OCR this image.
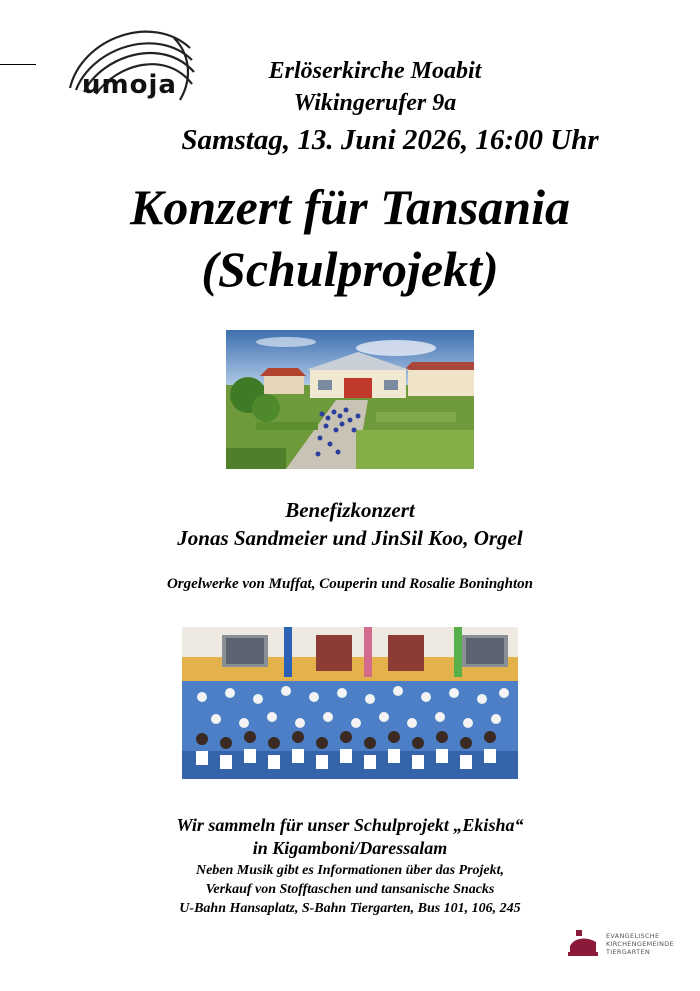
umoja	Erlöserkirche Moabit
Wikingerufer 9a
Samstag, 13. Juni 2026, 16:00 Uhr
Konzert für Tansania
(Schulprojekt)
Benefizkonzert
Jonas Sandmeier und JinSil Koo, Orgel
Orgelwerke von Muffat, Couperin und Rosalie Boninghton
Wir sammeln für unser Schulprojekt „Ekisha“
in Kigamboni/Daressalam
Neben Musik gibt es Informationen über das Projekt,
Verkauf von Stofftaschen und tansanische Snacks
U-Bahn Hansaplatz, S-Bahn Tiergarten, Bus 101, 106, 245
EVANGELISCHE
KIRCHENGEMEINDE
TIERGARTEN
